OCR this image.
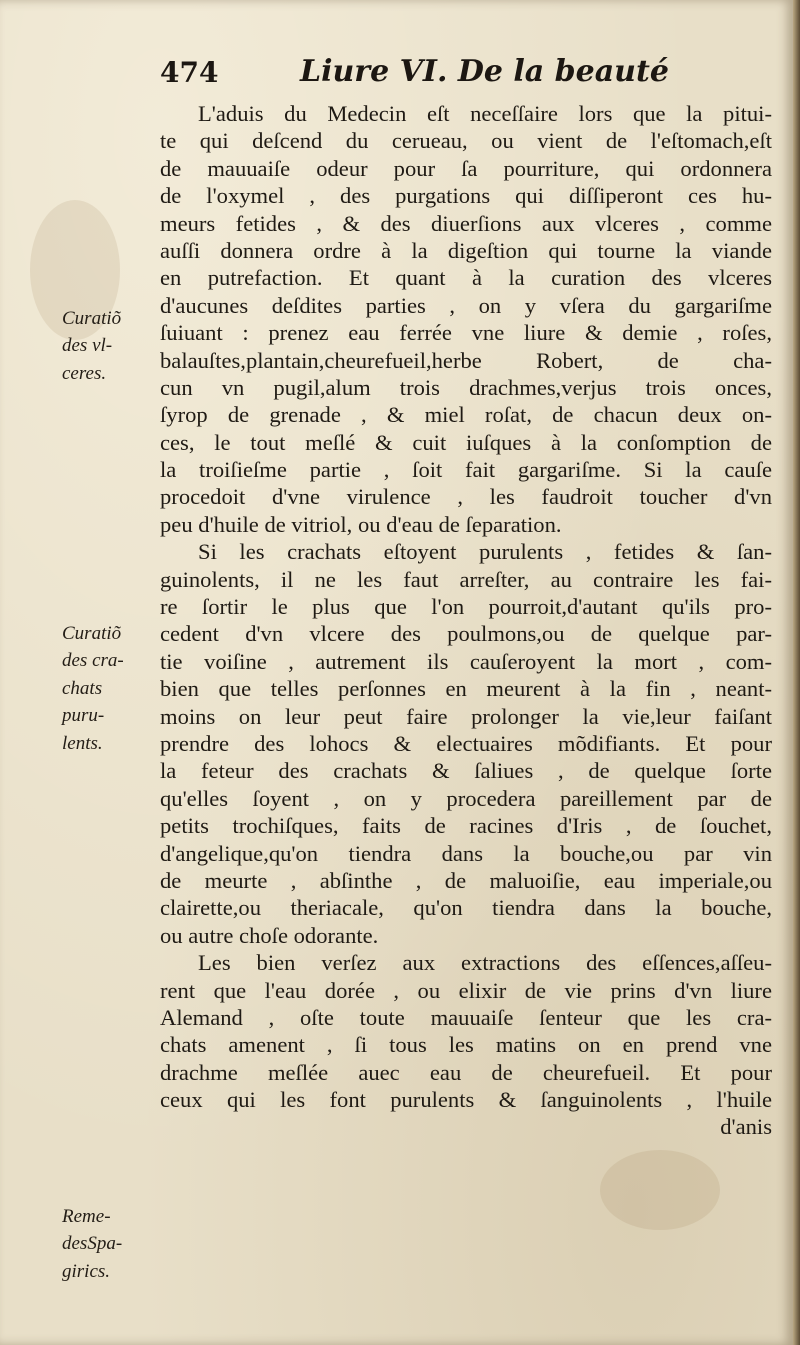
474	Liure VI. De la beauté
Curatiõ
des vl-
ceres.
Curatiõ
des cra-
chats
puru-
lents.
Reme-
desSpa-
girics.
L'aduis du Medecin eſt neceſſaire lors que la pitui-
te qui deſcend du cerueau, ou vient de l'eſtomach,eſt
de mauuaiſe odeur pour ſa pourriture, qui ordonnera
de l'oxymel , des purgations qui diſſiperont ces hu-
meurs fetides , & des diuerſions aux vlceres , comme
auſſi donnera ordre à la digeſtion qui tourne la viande
en putrefaction. Et quant à la curation des vlceres
d'aucunes deſdites parties , on y vſera du gargariſme
ſuiuant : prenez eau ferrée vne liure & demie , roſes,
balauſtes,plantain,cheurefueil,herbe Robert, de cha-
cun vn pugil,alum trois drachmes,verjus trois onces,
ſyrop de grenade , & miel roſat, de chacun deux on-
ces, le tout meſlé & cuit iuſques à la conſomption de
la troiſieſme partie , ſoit fait gargariſme. Si la cauſe
procedoit d'vne virulence , les faudroit toucher d'vn
peu d'huile de vitriol, ou d'eau de ſeparation.
Si les crachats eſtoyent purulents , fetides & ſan-
guinolents, il ne les faut arreſter, au contraire les fai-
re ſortir le plus que l'on pourroit,d'autant qu'ils pro-
cedent d'vn vlcere des poulmons,ou de quelque par-
tie voiſine , autrement ils cauſeroyent la mort , com-
bien que telles perſonnes en meurent à la fin , neant-
moins on leur peut faire prolonger la vie,leur faiſant
prendre des lohocs & electuaires mõdifiants. Et pour
la feteur des crachats & ſaliues , de quelque ſorte
qu'elles ſoyent , on y procedera pareillement par de
petits trochiſques, faits de racines d'Iris , de ſouchet,
d'angelique,qu'on tiendra dans la bouche,ou par vin
de meurte , abſinthe , de maluoiſie, eau imperiale,ou
clairette,ou theriacale, qu'on tiendra dans la bouche,
ou autre choſe odorante.
Les bien verſez aux extractions des eſſences,aſſeu-
rent que l'eau dorée , ou elixir de vie prins d'vn liure
Alemand , oſte toute mauuaiſe ſenteur que les cra-
chats amenent , ſi tous les matins on en prend vne
drachme meſlée auec eau de cheurefueil. Et pour
ceux qui les font purulents & ſanguinolents , l'huile
d'anis
